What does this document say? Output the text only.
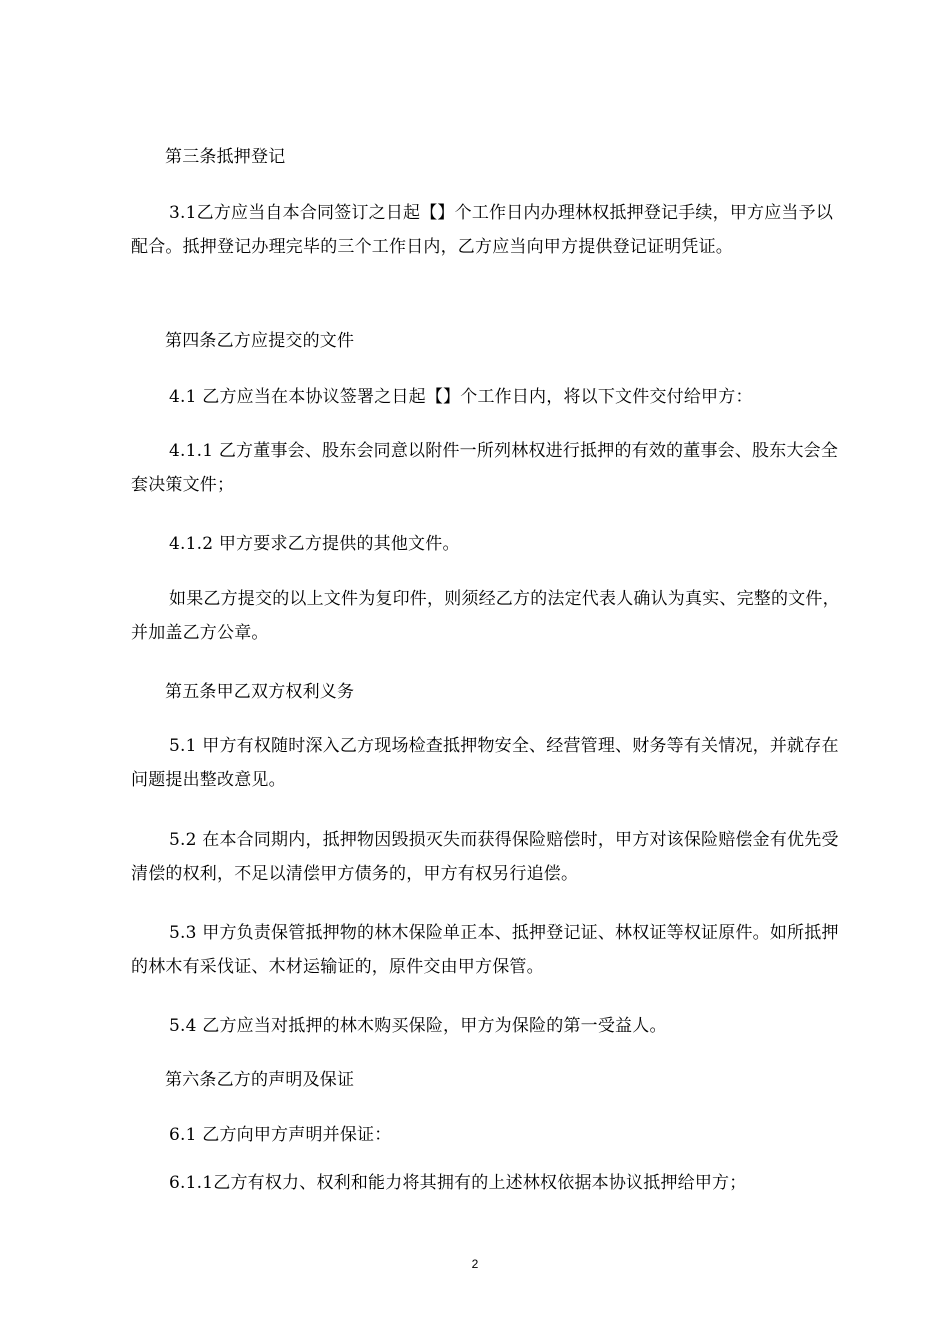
第三条抵押登记

3.1乙方应当自本合同签订之日起【】个工作日内办理林权抵押登记手续，甲方应当予以配合。抵押登记办理完毕的三个工作日内，乙方应当向甲方提供登记证明凭证。

第四条乙方应提交的文件

4.1 乙方应当在本协议签署之日起【】个工作日内，将以下文件交付给甲方：

4.1.1 乙方董事会、股东会同意以附件一所列林权进行抵押的有效的董事会、股东大会全套决策文件；

4.1.2 甲方要求乙方提供的其他文件。

如果乙方提交的以上文件为复印件，则须经乙方的法定代表人确认为真实、完整的文件，并加盖乙方公章。

第五条甲乙双方权利义务

5.1 甲方有权随时深入乙方现场检查抵押物安全、经营管理、财务等有关情况，并就存在问题提出整改意见。

5.2 在本合同期内，抵押物因毁损灭失而获得保险赔偿时，甲方对该保险赔偿金有优先受清偿的权利，不足以清偿甲方债务的，甲方有权另行追偿。

5.3 甲方负责保管抵押物的林木保险单正本、抵押登记证、林权证等权证原件。如所抵押的林木有采伐证、木材运输证的，原件交由甲方保管。

5.4 乙方应当对抵押的林木购买保险，甲方为保险的第一受益人。

第六条乙方的声明及保证

6.1 乙方向甲方声明并保证：

6.1.1乙方有权力、权利和能力将其拥有的上述林权依据本协议抵押给甲方；

2
